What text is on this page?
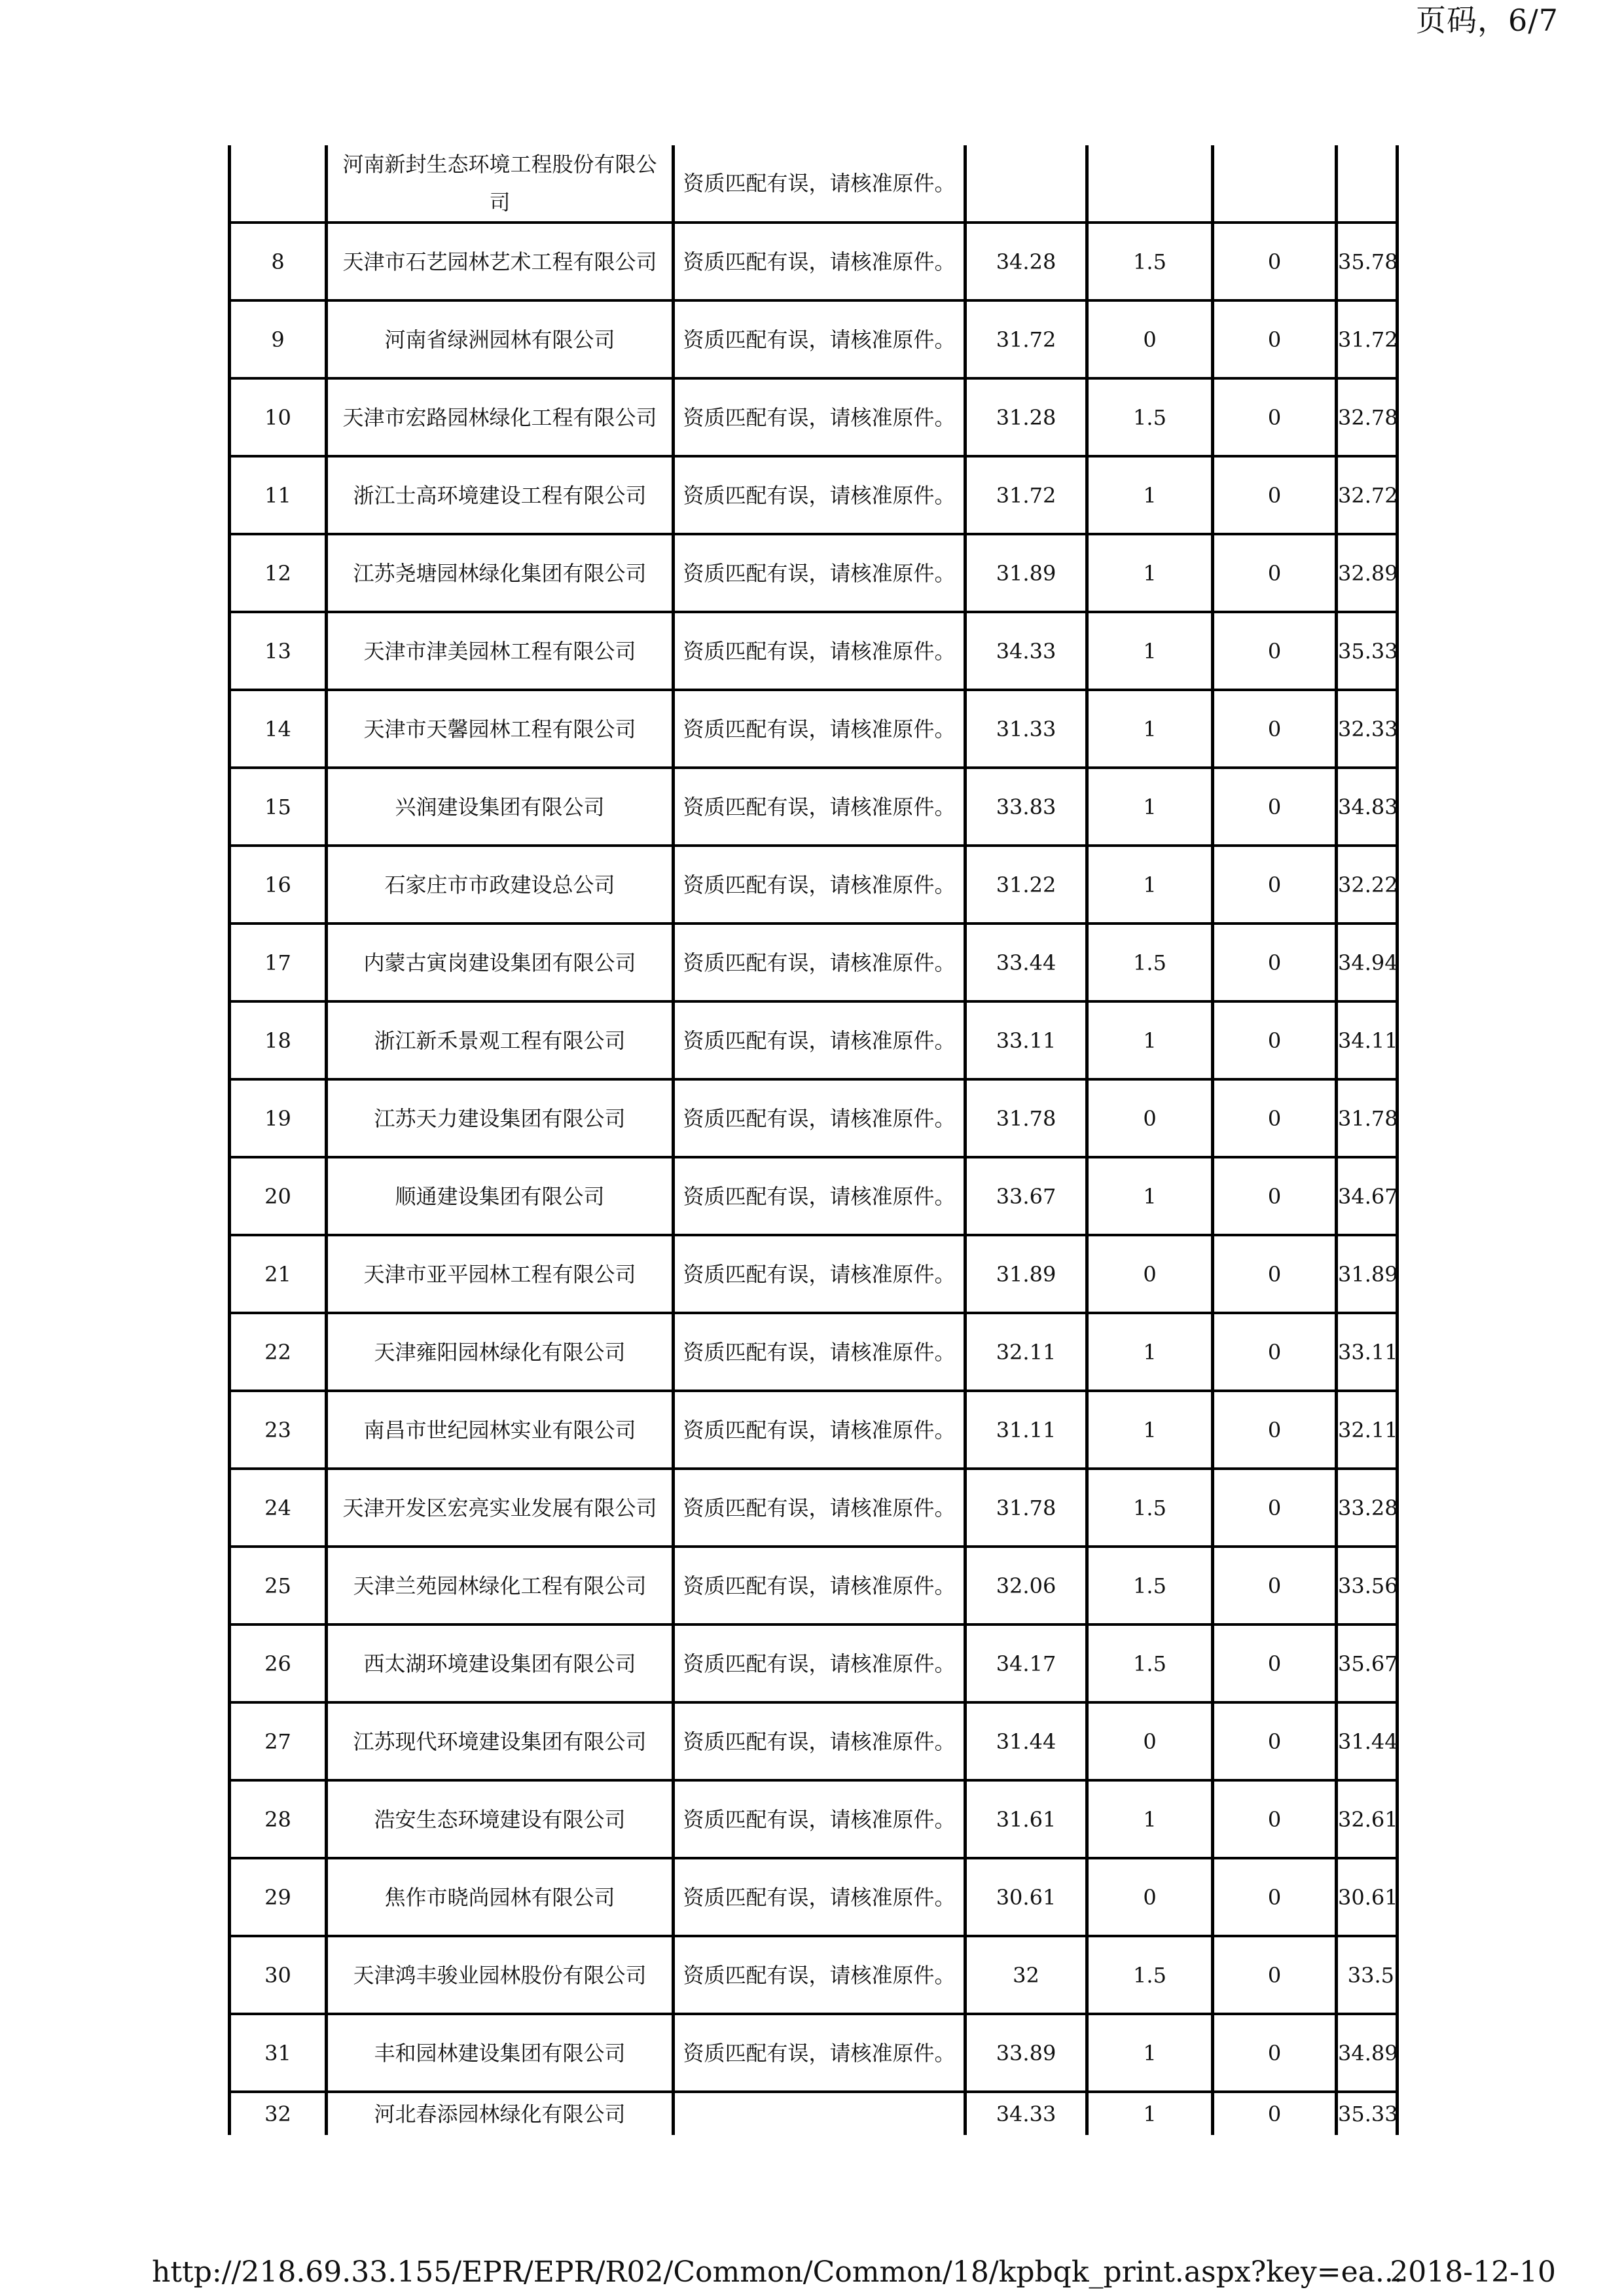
页码，6/7
	河南新封生态环境工程股份有限公司	资质匹配有误，请核准原件。				
8	天津市石艺园林艺术工程有限公司	资质匹配有误，请核准原件。	34.28	1.5	0	35.78
9	河南省绿洲园林有限公司	资质匹配有误，请核准原件。	31.72	0	0	31.72
10	天津市宏路园林绿化工程有限公司	资质匹配有误，请核准原件。	31.28	1.5	0	32.78
11	浙江士高环境建设工程有限公司	资质匹配有误，请核准原件。	31.72	1	0	32.72
12	江苏尧塘园林绿化集团有限公司	资质匹配有误，请核准原件。	31.89	1	0	32.89
13	天津市津美园林工程有限公司	资质匹配有误，请核准原件。	34.33	1	0	35.33
14	天津市天馨园林工程有限公司	资质匹配有误，请核准原件。	31.33	1	0	32.33
15	兴润建设集团有限公司	资质匹配有误，请核准原件。	33.83	1	0	34.83
16	石家庄市市政建设总公司	资质匹配有误，请核准原件。	31.22	1	0	32.22
17	内蒙古寅岗建设集团有限公司	资质匹配有误，请核准原件。	33.44	1.5	0	34.94
18	浙江新禾景观工程有限公司	资质匹配有误，请核准原件。	33.11	1	0	34.11
19	江苏天力建设集团有限公司	资质匹配有误，请核准原件。	31.78	0	0	31.78
20	顺通建设集团有限公司	资质匹配有误，请核准原件。	33.67	1	0	34.67
21	天津市亚平园林工程有限公司	资质匹配有误，请核准原件。	31.89	0	0	31.89
22	天津雍阳园林绿化有限公司	资质匹配有误，请核准原件。	32.11	1	0	33.11
23	南昌市世纪园林实业有限公司	资质匹配有误，请核准原件。	31.11	1	0	32.11
24	天津开发区宏亮实业发展有限公司	资质匹配有误，请核准原件。	31.78	1.5	0	33.28
25	天津兰苑园林绿化工程有限公司	资质匹配有误，请核准原件。	32.06	1.5	0	33.56
26	西太湖环境建设集团有限公司	资质匹配有误，请核准原件。	34.17	1.5	0	35.67
27	江苏现代环境建设集团有限公司	资质匹配有误，请核准原件。	31.44	0	0	31.44
28	浩安生态环境建设有限公司	资质匹配有误，请核准原件。	31.61	1	0	32.61
29	焦作市晓尚园林有限公司	资质匹配有误，请核准原件。	30.61	0	0	30.61
30	天津鸿丰骏业园林股份有限公司	资质匹配有误，请核准原件。	32	1.5	0	33.5
31	丰和园林建设集团有限公司	资质匹配有误，请核准原件。	33.89	1	0	34.89
32	河北春添园林绿化有限公司		34.33	1	0	35.33
http://218.69.33.155/EPR/EPR/R02/Common/Common/18/kpbqk_print.aspx?key=ea...
2018-12-10
